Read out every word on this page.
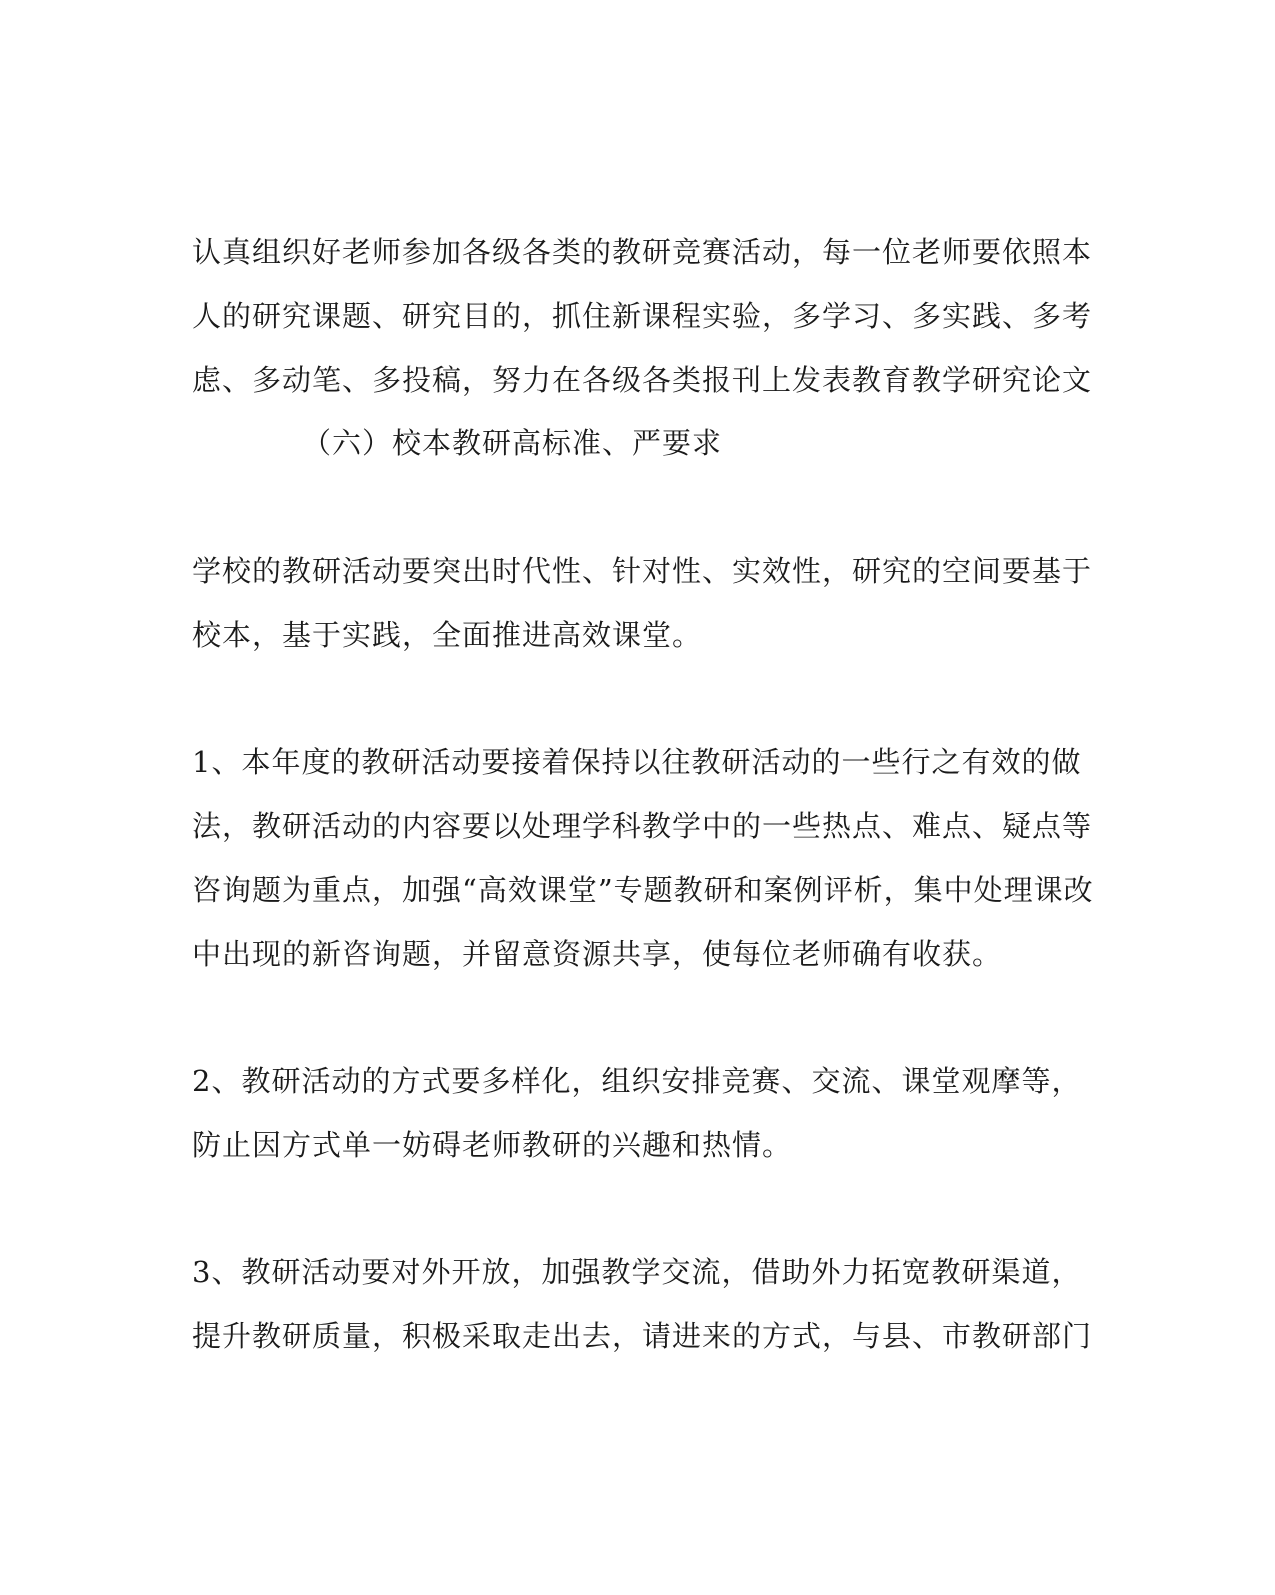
认真组织好老师参加各级各类的教研竞赛活动，每一位老师要依照本
人的研究课题、研究目的，抓住新课程实验，多学习、多实践、多考
虑、多动笔、多投稿，努力在各级各类报刊上发表教育教学研究论文
（六）校本教研高标准、严要求
学校的教研活动要突出时代性、针对性、实效性，研究的空间要基于
校本，基于实践，全面推进高效课堂。
1、本年度的教研活动要接着保持以往教研活动的一些行之有效的做
法，教研活动的内容要以处理学科教学中的一些热点、难点、疑点等
咨询题为重点，加强“高效课堂”专题教研和案例评析，集中处理课改
中出现的新咨询题，并留意资源共享，使每位老师确有收获。
2、教研活动的方式要多样化，组织安排竞赛、交流、课堂观摩等，
防止因方式单一妨碍老师教研的兴趣和热情。
3、教研活动要对外开放，加强教学交流，借助外力拓宽教研渠道，
提升教研质量，积极采取走出去，请进来的方式，与县、市教研部门
